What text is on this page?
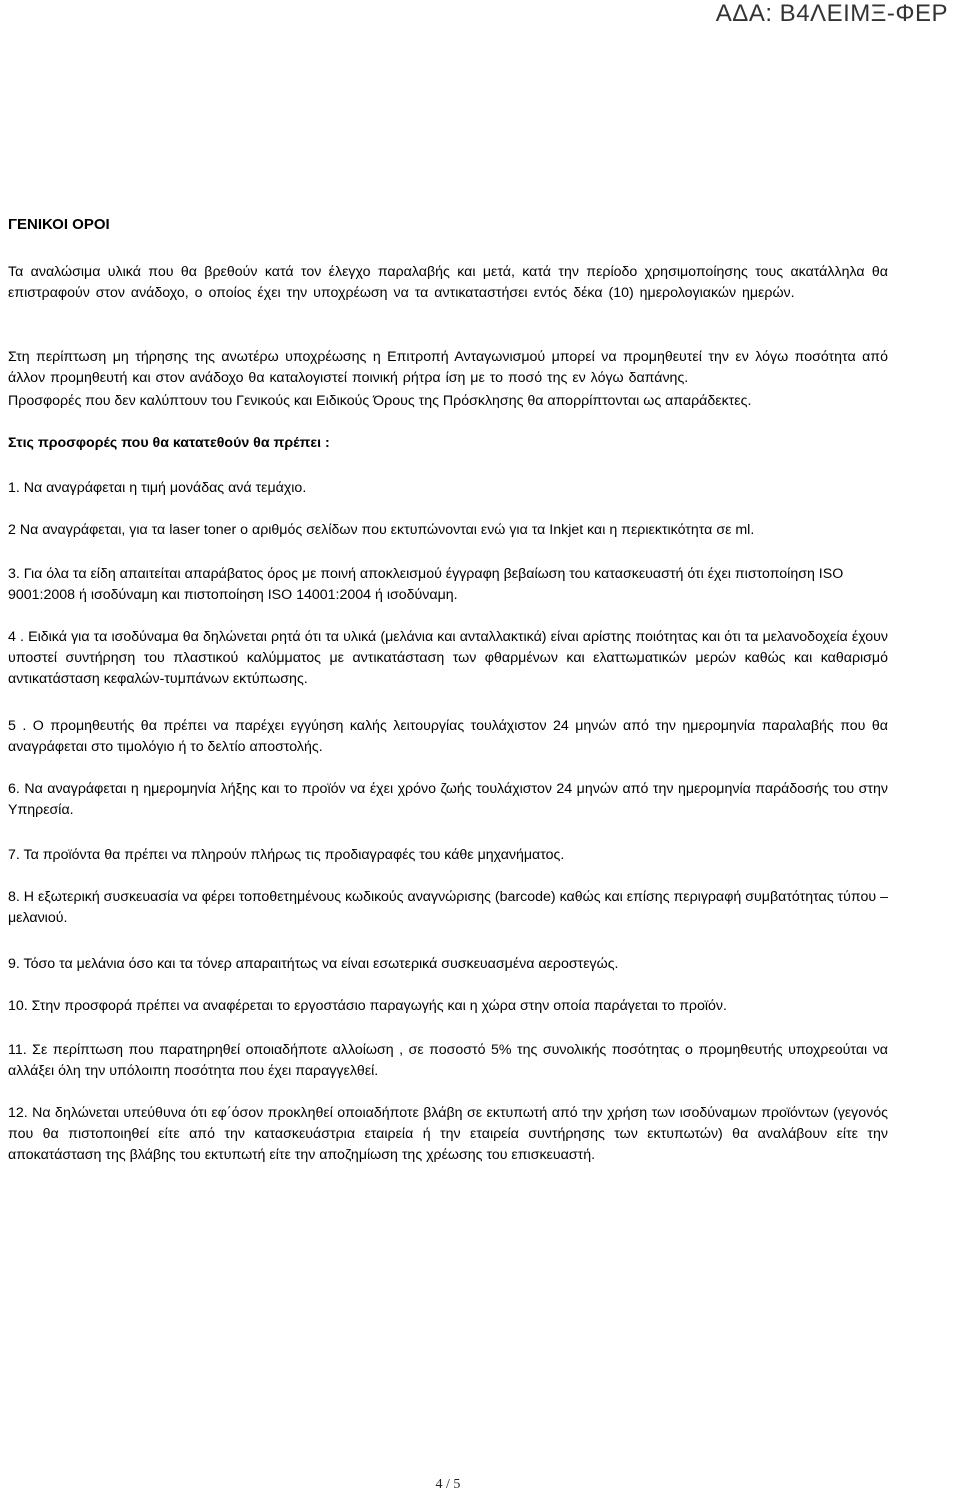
ΑΔΑ: Β4ΛΕΙΜΞ-ΦΕΡ

ΓΕΝΙΚΟΙ ΟΡΟΙ

Τα αναλώσιμα υλικά που θα βρεθούν κατά τον έλεγχο παραλαβής και μετά, κατά την περίοδο χρησιμοποίησης τους ακατάλληλα θα επιστραφούν στον ανάδοχο, ο οποίος έχει την υποχρέωση να τα αντικαταστήσει εντός δέκα (10) ημερολογιακών ημερών.

Στη περίπτωση μη τήρησης της ανωτέρω υποχρέωσης η Επιτροπή Ανταγωνισμού μπορεί να προμηθευτεί την εν λόγω ποσότητα από άλλον προμηθευτή και στον ανάδοχο θα καταλογιστεί ποινική ρήτρα ίση με το ποσό της εν λόγω δαπάνης.

Προσφορές που δεν καλύπτουν του Γενικούς και Ειδικούς Όρους της Πρόσκλησης θα απορρίπτονται ως απαράδεκτες.

Στις προσφορές που θα κατατεθούν θα πρέπει :

1. Να αναγράφεται η τιμή μονάδας ανά τεμάχιο.

2 Να αναγράφεται, για τα laser toner ο αριθμός σελίδων που εκτυπώνονται ενώ για τα Inkjet και η περιεκτικότητα σε ml.

3. Για όλα τα είδη απαιτείται απαράβατος όρος με ποινή αποκλεισμού έγγραφη βεβαίωση του κατασκευαστή ότι έχει πιστοποίηση ISO 9001:2008 ή ισοδύναμη και πιστοποίηση ISO 14001:2004 ή ισοδύναμη.

4 . Ειδικά για τα ισοδύναμα θα δηλώνεται ρητά ότι τα υλικά (μελάνια και ανταλλακτικά) είναι αρίστης ποιότητας και ότι τα μελανοδοχεία έχουν υποστεί συντήρηση του πλαστικού καλύμματος με αντικατάσταση των φθαρμένων και ελαττωματικών μερών καθώς και καθαρισμό αντικατάσταση κεφαλών-τυμπάνων εκτύπωσης.

5 . Ο προμηθευτής θα πρέπει να παρέχει εγγύηση καλής λειτουργίας τουλάχιστον 24 μηνών από την ημερομηνία παραλαβής που θα αναγράφεται στο τιμολόγιο ή το δελτίο αποστολής.

6. Να αναγράφεται η ημερομηνία λήξης και το προϊόν να έχει χρόνο ζωής τουλάχιστον 24 μηνών από την ημερομηνία παράδοσής του στην Υπηρεσία.

7. Τα προϊόντα θα πρέπει να πληρούν πλήρως τις προδιαγραφές του κάθε μηχανήματος.

8. Η εξωτερική συσκευασία να φέρει τοποθετημένους κωδικούς αναγνώρισης (barcode) καθώς και επίσης περιγραφή συμβατότητας τύπου – μελανιού.

9. Τόσο τα μελάνια όσο και τα τόνερ απαραιτήτως να είναι εσωτερικά συσκευασμένα αεροστεγώς.

10. Στην προσφορά πρέπει να αναφέρεται το εργοστάσιο παραγωγής και η χώρα στην οποία παράγεται το προϊόν.

11. Σε περίπτωση που παρατηρηθεί οποιαδήποτε αλλοίωση , σε ποσοστό 5% της συνολικής ποσότητας ο προμηθευτής υποχρεούται να αλλάξει όλη την υπόλοιπη ποσότητα που έχει παραγγελθεί.

12. Να δηλώνεται υπεύθυνα ότι εφ΄όσον προκληθεί οποιαδήποτε βλάβη σε εκτυπωτή από την χρήση των ισοδύναμων προϊόντων (γεγονός που θα πιστοποιηθεί είτε από την κατασκευάστρια εταιρεία ή την εταιρεία συντήρησης των εκτυπωτών) θα αναλάβουν είτε την αποκατάσταση της βλάβης του εκτυπωτή είτε την αποζημίωση της χρέωσης του επισκευαστή.

4 / 5
